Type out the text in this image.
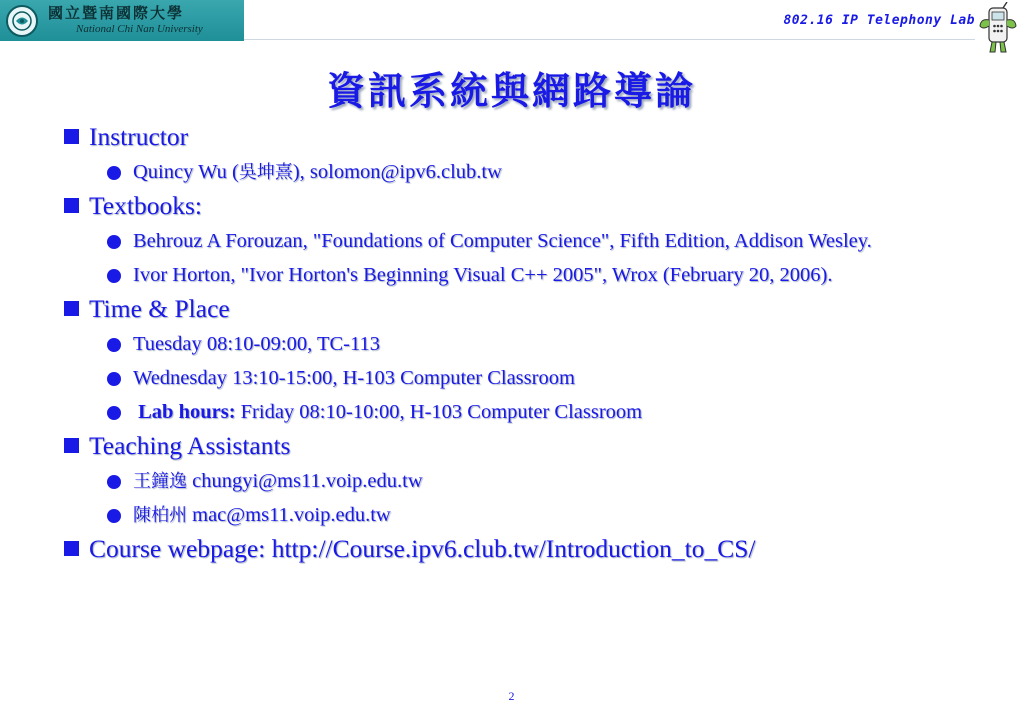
國立暨南國際大學
National Chi Nan University
802.16 IP Telephony Lab
資訊系統與網路導論
Instructor
Quincy Wu (吳坤熹), solomon@ipv6.club.tw
Textbooks:
Behrouz A Forouzan, "Foundations of Computer Science", Fifth Edition, Addison Wesley.
Ivor Horton, "Ivor Horton's Beginning Visual C++ 2005", Wrox (February 20, 2006).
Time & Place
Tuesday 08:10-09:00, TC-113
Wednesday 13:10-15:00, H-103 Computer Classroom
Lab hours: Friday 08:10-10:00, H-103 Computer Classroom
Teaching Assistants
王鐘逸 chungyi@ms11.voip.edu.tw
陳柏州 mac@ms11.voip.edu.tw
Course webpage: http://Course.ipv6.club.tw/Introduction_to_CS/
2
